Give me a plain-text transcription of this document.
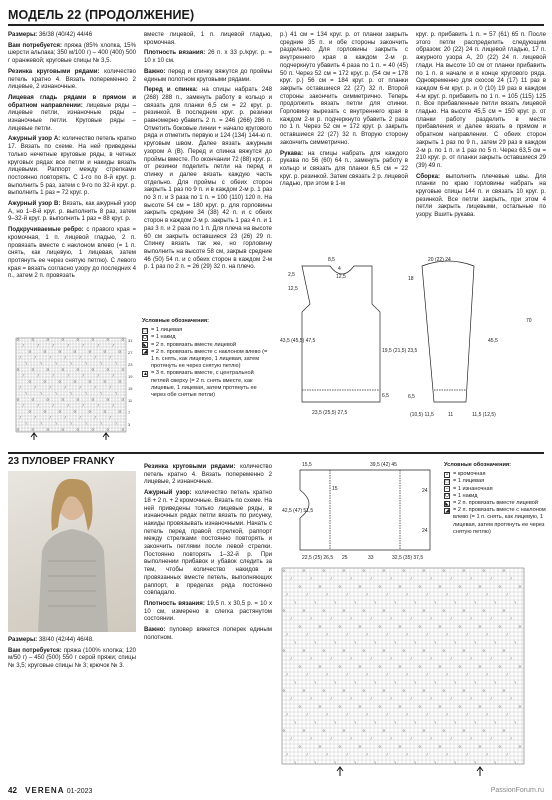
МОДЕЛЬ 22 (ПРОДОЛЖЕНИЕ)

Размеры: 36/38 (40/42) 44/46

Вам потребуется: пряжа (85% хлопка, 15% шерсти альпака; 350 м/100 г) – 400 (400) 500 г оранжевой; круговые спицы № 3,5.

Резинка круговыми рядами: количество петель кратно 4. Вязать попеременно 2 лицевые, 2 изнаночные.

Лицевая гладь рядами в прямом и обратном направлении: лицевые ряды – лицевые петли, изнаночные ряды – изнаночные петли. Круговые ряды – лицевые петли.

Ажурный узор А: количество петель кратно 17. Вязать по схеме. На ней приведены только нечетные круговые ряды, в четных круговых рядах все петли и накиды вязать лицевыми. Раппорт между стрелками постоянно повторять. С 1-го по 8-й круг. р. выполнить 5 раз, затем с 9-го по 32-й круг. р. выполнить 1 раз = 72 круг. р.

Ажурный узор В: Вязать, как ажурный узор А, но 1–8-й круг. р. выполнить 8 раз, затем 9–32-й круг. р. выполнить 1 раз = 88 круг. р.

Подкручиваемые ребро: с правого края = кромочная, 1 п. лицевой гладью, 2 п. провязать вместе с наклоном влево (= 1 п. снять, как лицевую, 1 лицевая, затем протянуть ее через снятую петлю). С левого края = вязать согласно узору до последних 4 п., затем 2 п. провязать

вместе лицевой, 1 п. лицевой гладью, кромочная.

Плотность вязания: 26 п. х 33 р./круг. р. = 10 х 10 см.

Важно: перед и спинку вяжутся до проймы единым полотном круговыми рядами.

Перед и спинка: на спицы набрать 248 (268) 288 п., замкнуть работу в кольцо и связать для планки 6,5 см = 22 круг. р. резинкой. В последнем круг. р. резинки равномерно убавить 2 п. = 246 (266) 286 п. Отметить боковые линии + начало кругового ряда и отметить первую и 124 (134) 144-ю п. круговым швом. Далее вязать ажурным узором A (В). Перед и спинка вяжутся до проймы вместе. По окончании 72 (88) круг. р. от резинки поделить петли на перед и спинку и далее вязать каждую часть отдельно. Для проймы с обеих сторон закрыть 1 раз по 9 п. и в каждом 2-м р. 1 раз по 3 п. и 3 раза по 1 п. = 100 (110) 120 п. На высоте 54 см = 180 круг. р. для горловины закрыть средние 34 (38) 42 п. и с обеих сторон в каждом 2-м р. закрыть 1 раз 4 п. и 1 раз 3 п. и 2 раза по 1 п. Для плеча на высоте 60 см закрыть оставшиеся 23 (26) 29 п. Спинку вязать так же, но горловину выполнить на высоте 58 см, закрыв средние 46 (50) 54 п. и с обеих сторон в каждом 2-м р. 1 раз по 2 п. = 26 (29) 32 п. на плечо.

р.) 41 см = 134 круг. р. от планки закрыть средние 35 п. и обе стороны закончить раздельно. Для горловины закрыть с внутреннего края в каждом 2-м р. подчеркнуто убавить 4 раза по 1 п. = 40 (45) 50 п. Через 52 см = 172 круг. р. (54 см = 178 круг. р.) 56 см = 184 круг. р. от планки закрыть оставшиеся 22 (27) 32 п. Второй стороны закончить симметрично. Теперь продолжить вязать петли для спинки. Горловину вырезать с внутреннего края в каждом 2-м р. подчеркнуто убавить 2 раза по 1 п. Через 52 см = 172 круг. р. закрыть оставшиеся 22 (27) 32 п. Вторую сторону закончить симметрично.

Рукава: на спицы набрать для каждого рукава по 56 (60) 64 п., замкнуть работу в кольцо и связать для планки 6,5 см = 22 круг. р. резинкой. Затем связать 2 р. лицевой гладью, при этом в 1-м

круг. р. прибавить 1 п. = 57 (61) 65 п. После этого петли распределить следующим образом: 20 (22) 24 п. лицевой гладью, 17 п. ажурного узора А, 20 (22) 24 п. лицевой глади. На высоте 10 см от планки прибавить по 1 п. в начале и в конце кругового ряда. Одновременно для скосов 24 (17) 11 раз в каждом 6-м круг. р. и 0 (10) 19 раз в каждом 4-м круг. р. прибавить по 1 п. = 105 (115) 125 п. Все прибавленные петли вязать лицевой гладью. На высоте 45,5 см = 150 круг. р. от планки работу разделить в месте прибавления и далее вязать в прямом и обратном направлении. С обеих сторон закрыть 1 раз по 9 п., затем 29 раз в каждом 2-м р. по 1 п. и 1 раз по 5 п. Через 63,5 см = 210 круг. р. от планки закрыть оставшиеся 29 (39) 49 п.

Сборка: выполнить плечевые швы. Для планки по краю горловины набрать на круговые спицы 144 п. и связать 10 круг. р. резинкой. Все петли закрыть, при этом 4 петли закрыть лицевыми, остальные по узору. Вшить рукава.

o	o	o	o	o	o	o	o
/	/	/	/	/	/	/
o	o	o	o	o	o	o
/	/	/	/	/	/	/
\	\	\	\	\	\	\
o	o	o	o	o	o	o	o
/	/	/	/	/	/	/
o	o	o	o	o	o	o
/	/	/	/	/	/	/
\	\	\	\	\	\	\
o	o	o	o	o	o	o	o
/	/	/	/	/	/	/
o	o	o	o	o	o	o
/	/	/	/	/	/	/
\	\	\	\	\	\	\
o	o	o	o	o	o	o	o
31
27
23
19
15
11
7
3
Условные обозначения:
□ = 1 лицевая
O = 1 накид
◣ = 2 п. провязать вместе лицевой
◢ = 2 п. провязать вместе с наклоном влево (= 1 п. снять, как лицевую, 1 лицевая, затем протянуть ее через снятую петлю)
▲ = 3 п. провязать вместе, с центральной петлей сверху (= 2 п. снять вместе, как лицевые, 1 лицевая, затем протянуть ее через обе снятые петли)
8,5
4
12,5
2,5
12,5
19,5 (21,5) 23,5
43,5 (45,5) 47,5
6,5
23,5 (25,5) 27,5
20 (22) 24
18
45,5
70
6,5
(10,5) 11,5	11	11,5 (12,5)
23 ПУЛОВЕР FRANKY

Размеры: 38/40 (42/44) 46/48.

Вам потребуется: пряжа (100% хлопка; 120 м/50 г) – 450 (500) 550 г серой пряжи; спицы № 3,5; круговые спицы № 3; крючок № 3.

Резинка круговыми рядами: количество петель кратно 4. Вязать попеременно 2 лицевые, 2 изнаночные.

Ажурный узор: количество петель кратно 18 + 2 п. + 2 кромочные. Вязать по схеме. На ней приведены только лицевые ряды, в изнаночных рядах петли вязать по рисунку, накиды провязывать изнаночными. Начать с петель перед правой стрелкой, раппорт между стрелками постоянно повторять и закончить петлями после левой стрелки. Постоянно повторять 1–32-й р. При выполнении прибавок и убавок следить за тем, чтобы количество накидов и провязанных вместе петель, выполняющих раппорт, в пределах ряда постоянно совпадало.

Плотность вязания: 19,5 п. х 30,5 р. = 10 х 10 см, измерено в слегка растянутом состоянии.

Важно: пуловер вяжется поперек единым полотном.

15,5	39,5 (42) 45
42,5 (47) 51,5
15	24
24
22,5 (25) 26,5 25	33	32,5 (35) 37,5
Условные обозначения:
• = кромочная
□ = 1 лицевая
– = 1 изнаночная
O = 1 накид
◣ = 2 п. провязать вместе лицевой
◢ = 2 п. провязать вместе с наклоном влево (= 1 п. снять, как лицевую, 1 лицевая, затем протянуть ее через снятую петлю)
o	o	o	o	o	o	o	o	o	o	o	o
/	/	/	/	/	/	/	/	/	/	/	/
o	o	o	o	o	o	o	o	o	o	o	o
/	/	/	/	/	/	/	/	/	/	/	/
\	\	\	\	\	\	\	\	\	\	\	\
o	o	o	o	o	o	o	o	o	o	o	o
/	/	/	/	/	/	/	/	/	/	/	/
o	o	o	o	o	o	o	o	o	o	o	o
/	/	/	/	/	/	/	/	/	/	/	/
\	\	\	\	\	\	\	\	\	\	\	\
o	o	o	o	o	o	o	o	o	o	o	o
/	/	/	/	/	/	/	/	/	/	/	/
o	o	o	o	o	o	o	o	o	o	o	o
/	/	/	/	/	/	/	/	/	/	/	/
\	\	\	\	\	\	\	\	\	\	\	\
o	o	o	o	o	o	o	o	o	o	o	o
/	/	/	/	/	/	/	/	/	/	/	/
o	o	o	o	o	o	o	o	o	o	o	o
/	/	/	/	/	/	/	/	/	/	/	/
\	\	\	\	\	\	\	\	\	\	\	\
o	o	o	o	o	o	o	o	o	o	o	o
/	/	/	/	/	/	/	/	/	/	/	/
o	o	o	o	o	o	o	o	o	o	o	o
/	/	/	/	/	/	/	/	/	/	/	/
\	\	\	\	\	\	\	\	\	\	\	\
42 VERENA 01-2023	PassionForum.ru
